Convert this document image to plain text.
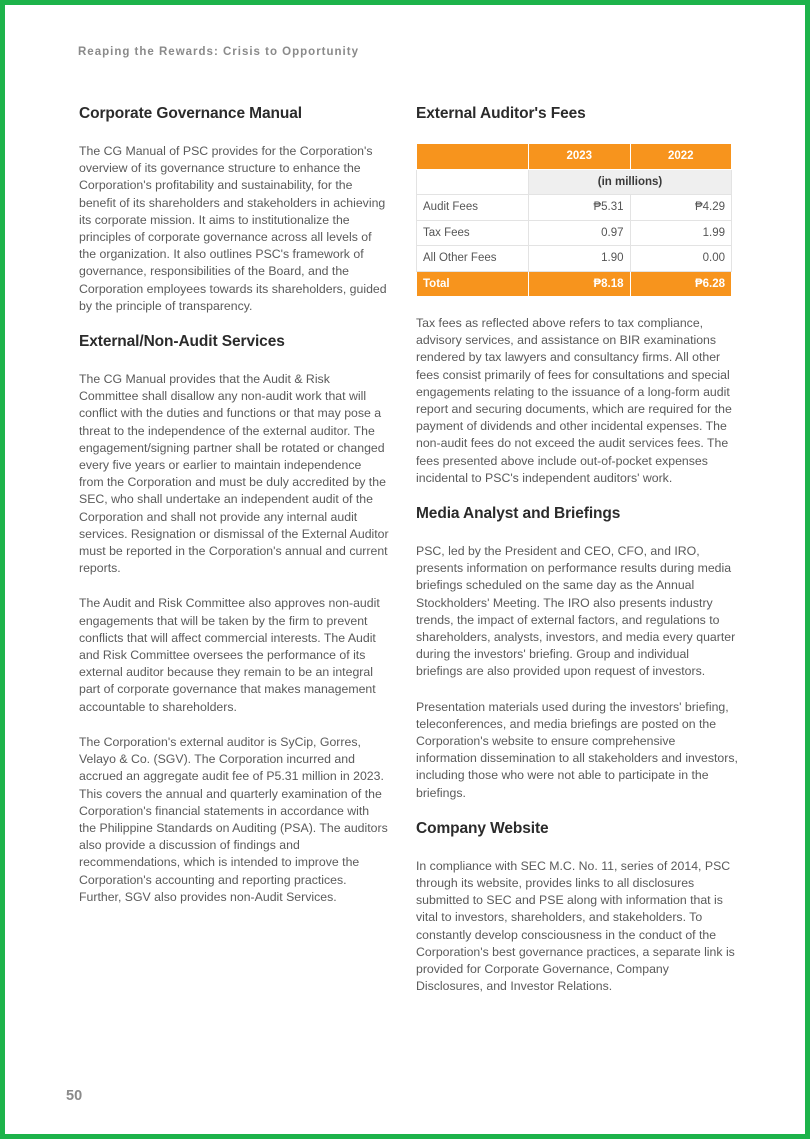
Reaping the Rewards: Crisis to Opportunity
Corporate Governance Manual

The CG Manual of PSC provides for the Corporation's overview of its governance structure to enhance the Corporation's profitability and sustainability, for the benefit of its shareholders and stakeholders in achieving its corporate mission. It aims to institutionalize the principles of corporate governance across all levels of the organization. It also outlines PSC's framework of governance, responsibilities of the Board, and the Corporation employees towards its shareholders, guided by the principle of transparency.

External/Non-Audit Services

The CG Manual provides that the Audit & Risk Committee shall disallow any non-audit work that will conflict with the duties and functions or that may pose a threat to the independence of the external auditor. The engagement/signing partner shall be rotated or changed every five years or earlier to maintain independence from the Corporation and must be duly accredited by the SEC, who shall undertake an independent audit of the Corporation and shall not provide any internal audit services. Resignation or dismissal of the External Auditor must be reported in the Corporation's annual and current reports.

The Audit and Risk Committee also approves non-audit engagements that will be taken by the firm to prevent conflicts that will affect commercial interests. The Audit and Risk Committee oversees the performance of its external auditor because they remain to be an integral part of corporate governance that makes management accountable to shareholders.

The Corporation's external auditor is SyCip, Gorres, Velayo & Co. (SGV). The Corporation incurred and accrued an aggregate audit fee of P5.31 million in 2023. This covers the annual and quarterly examination of the Corporation's financial statements in accordance with the Philippine Standards on Auditing (PSA). The auditors also provide a discussion of findings and recommendations, which is intended to improve the Corporation's accounting and reporting practices. Further, SGV also provides non-Audit Services.

External Auditor's Fees
	2023	2022
	(in millions)	
Audit Fees	₱5.31	₱4.29
Tax Fees	0.97	1.99
All Other Fees	1.90	0.00
Total	₱8.18	₱6.28

Tax fees as reflected above refers to tax compliance, advisory services, and assistance on BIR examinations rendered by tax lawyers and consultancy firms. All other fees consist primarily of fees for consultations and special engagements relating to the issuance of a long-form audit report and securing documents, which are required for the payment of dividends and other incidental expenses. The non-audit fees do not exceed the audit services fees. The fees presented above include out-of-pocket expenses incidental to PSC's independent auditors' work.

Media Analyst and Briefings

PSC, led by the President and CEO, CFO, and IRO, presents information on performance results during media briefings scheduled on the same day as the Annual Stockholders' Meeting. The IRO also presents industry trends, the impact of external factors, and regulations to shareholders, analysts, investors, and media every quarter during the investors' briefing. Group and individual briefings are also provided upon request of investors.

Presentation materials used during the investors' briefing, teleconferences, and media briefings are posted on the Corporation's website to ensure comprehensive information dissemination to all stakeholders and investors, including those who were not able to participate in the briefings.

Company Website

In compliance with SEC M.C. No. 11, series of 2014, PSC through its website, provides links to all disclosures submitted to SEC and PSE along with information that is vital to investors, shareholders, and stakeholders. To constantly develop consciousness in the conduct of the Corporation's best governance practices, a separate link is provided for Corporate Governance, Company Disclosures, and Investor Relations.

50
